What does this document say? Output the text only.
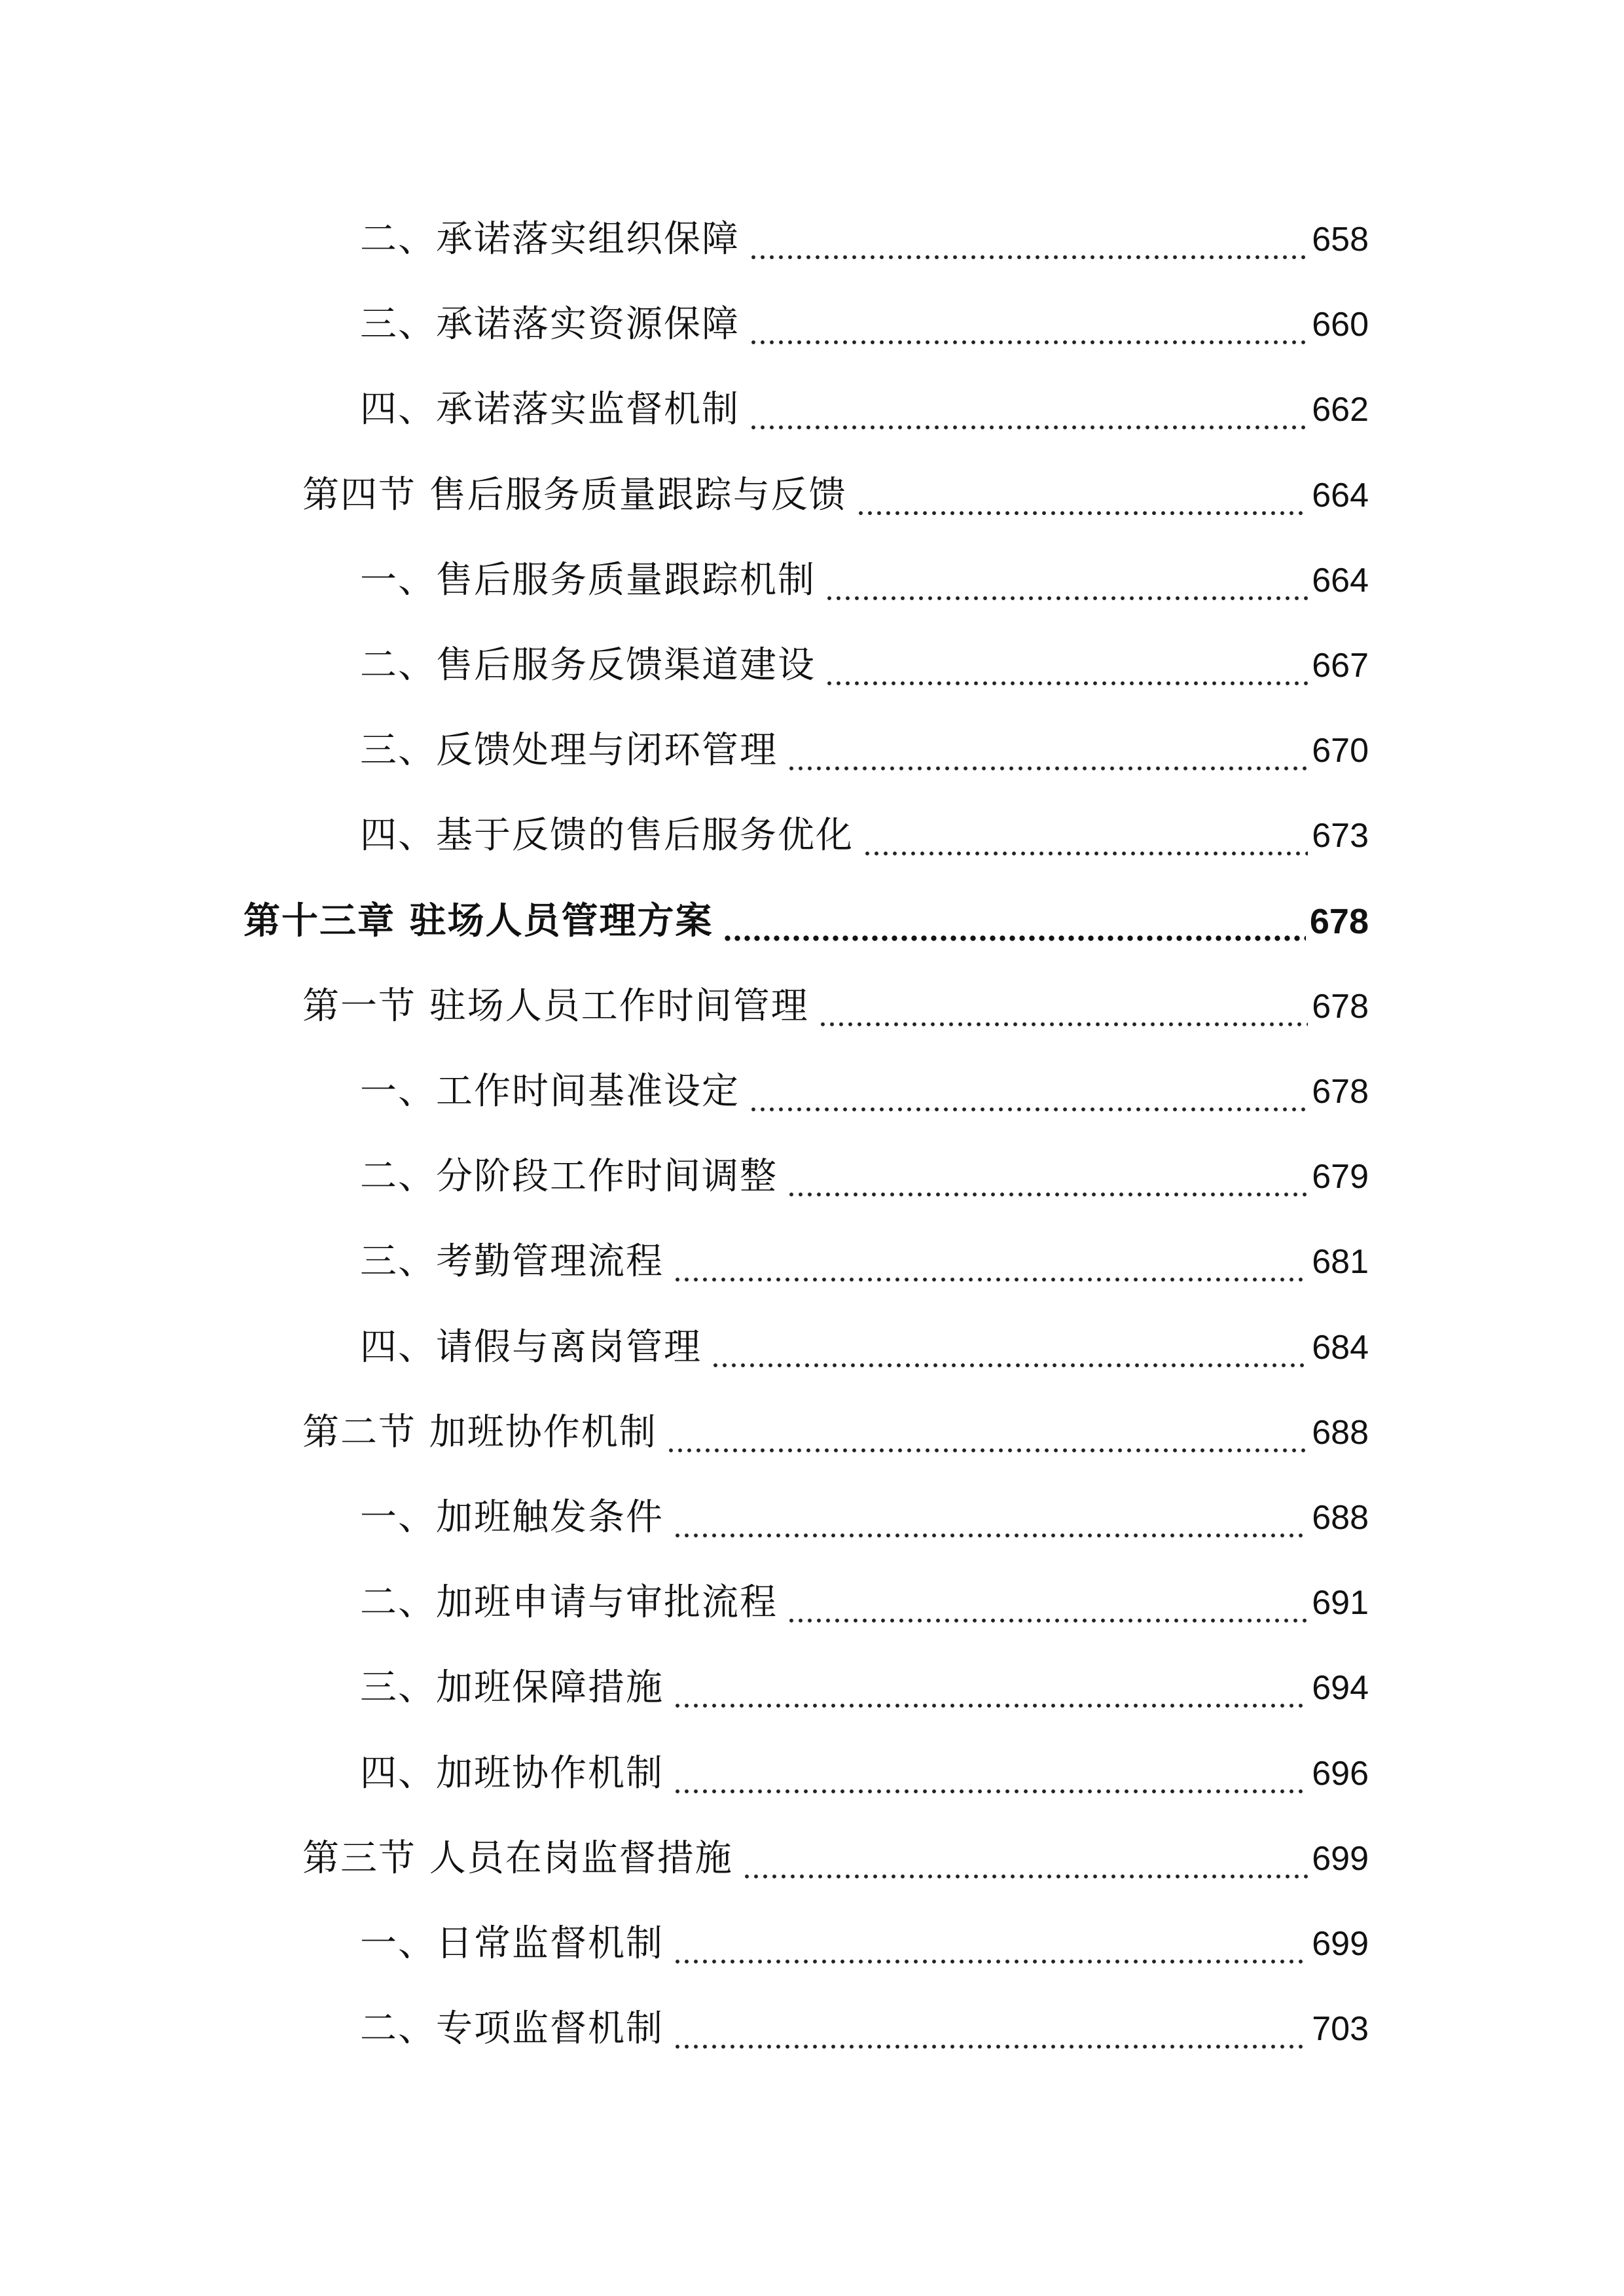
二、承诺落实组织保障	658
三、承诺落实资源保障	660
四、承诺落实监督机制	662
第四节 售后服务质量跟踪与反馈	664
一、售后服务质量跟踪机制	664
二、售后服务反馈渠道建设	667
三、反馈处理与闭环管理	670
四、基于反馈的售后服务优化	673
第十三章 驻场人员管理方案	678
第一节 驻场人员工作时间管理	678
一、工作时间基准设定	678
二、分阶段工作时间调整	679
三、考勤管理流程	681
四、请假与离岗管理	684
第二节 加班协作机制	688
一、加班触发条件	688
二、加班申请与审批流程	691
三、加班保障措施	694
四、加班协作机制	696
第三节 人员在岗监督措施	699
一、日常监督机制	699
二、专项监督机制	703
